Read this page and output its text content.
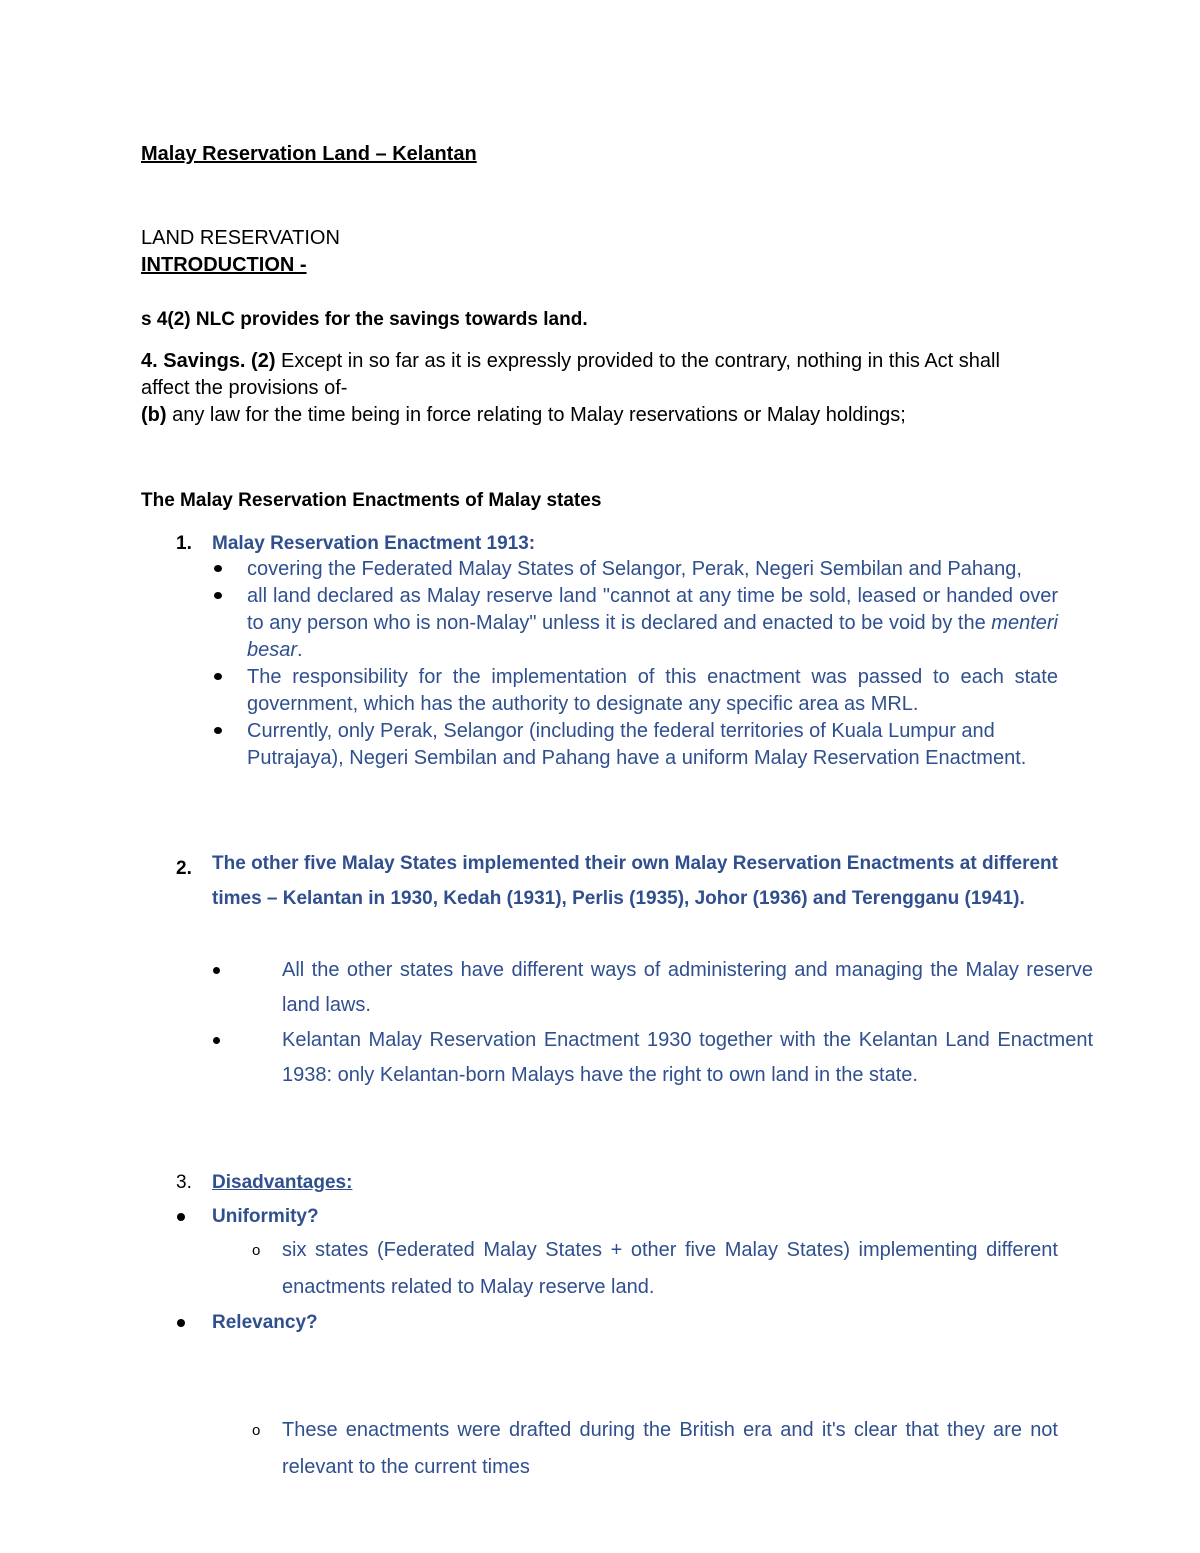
Malay Reservation Land – Kelantan
LAND RESERVATION
INTRODUCTION -
s 4(2) NLC provides for the savings towards land.
4. Savings. (2) Except in so far as it is expressly provided to the contrary, nothing in this Act shall affect the provisions of-
(b) any law for the time being in force relating to Malay reservations or Malay holdings;
The Malay Reservation Enactments of Malay states
1. Malay Reservation Enactment 1913:
covering the Federated Malay States of Selangor, Perak, Negeri Sembilan and Pahang,
all land declared as Malay reserve land "cannot at any time be sold, leased or handed over to any person who is non-Malay" unless it is declared and enacted to be void by the menteri besar.
The responsibility for the implementation of this enactment was passed to each state government, which has the authority to designate any specific area as MRL.
Currently, only Perak, Selangor (including the federal territories of Kuala Lumpur and Putrajaya), Negeri Sembilan and Pahang have a uniform Malay Reservation Enactment.
2. The other five Malay States implemented their own Malay Reservation Enactments at different times – Kelantan in 1930, Kedah (1931), Perlis (1935), Johor (1936) and Terengganu (1941).
All the other states have different ways of administering and managing the Malay reserve land laws.
Kelantan Malay Reservation Enactment 1930 together with the Kelantan Land Enactment 1938: only Kelantan-born Malays have the right to own land in the state.
3. Disadvantages:
Uniformity?
o six states (Federated Malay States + other five Malay States) implementing different enactments related to Malay reserve land.
Relevancy?
o These enactments were drafted during the British era and it's clear that they are not relevant to the current times
